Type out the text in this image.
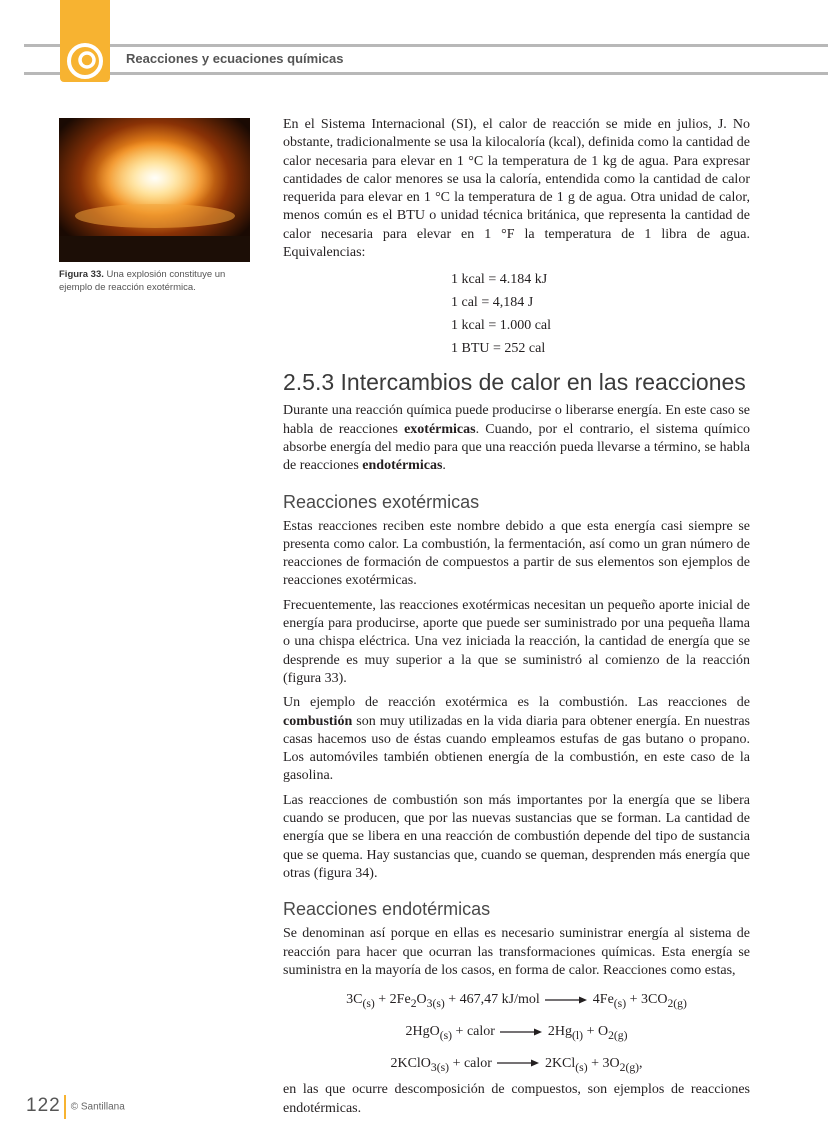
Reacciones y ecuaciones químicas
Figura 33. Una explosión constituye un ejemplo de reacción exotérmica.

En el Sistema Internacional (SI), el calor de reacción se mide en julios, J. No obstante, tradicionalmente se usa la kilocaloría (kcal), definida como la cantidad de calor necesaria para elevar en 1 °C la temperatura de 1 kg de agua. Para expresar cantidades de calor menores se usa la caloría, entendida como la cantidad de calor requerida para elevar en 1 °C la temperatura de 1 g de agua. Otra unidad de calor, menos común es el BTU o unidad técnica británica, que representa la cantidad de calor necesaria para elevar en 1 °F la temperatura de 1 libra de agua. Equivalencias:

1 kcal = 4.184 kJ
1 cal = 4,184 J
1 kcal = 1.000 cal
1 BTU = 252 cal
2.5.3 Intercambios de calor en las reacciones

Durante una reacción química puede producirse o liberarse energía. En este caso se habla de reacciones exotérmicas. Cuando, por el contrario, el sistema químico absorbe energía del medio para que una reacción pueda llevarse a término, se habla de reacciones endotérmicas.

Reacciones exotérmicas

Estas reacciones reciben este nombre debido a que esta energía casi siempre se presenta como calor. La combustión, la fermentación, así como un gran número de reacciones de formación de compuestos a partir de sus elementos son ejemplos de reacciones exotérmicas.

Frecuentemente, las reacciones exotérmicas necesitan un pequeño aporte inicial de energía para producirse, aporte que puede ser suministrado por una pequeña llama o una chispa eléctrica. Una vez iniciada la reacción, la cantidad de energía que se desprende es muy superior a la que se suministró al comienzo de la reacción (figura 33).

Un ejemplo de reacción exotérmica es la combustión. Las reacciones de combustión son muy utilizadas en la vida diaria para obtener energía. En nuestras casas hacemos uso de éstas cuando empleamos estufas de gas butano o propano. Los automóviles también obtienen energía de la combustión, en este caso de la gasolina.

Las reacciones de combustión son más importantes por la energía que se libera cuando se producen, que por las nuevas sustancias que se forman. La cantidad de energía que se libera en una reacción de combustión depende del tipo de sustancia que se quema. Hay sustancias que, cuando se queman, desprenden más energía que otras (figura 34).

Reacciones endotérmicas

Se denominan así porque en ellas es necesario suministrar energía al sistema de reacción para hacer que ocurran las transformaciones químicas. Esta energía se suministra en la mayoría de los casos, en forma de calor. Reacciones como estas,

$3C_{(s)} + 2Fe_2O_{3(s)} + 467,47$ $kJ/mol \to 4Fe_{(s)} + 3CO_{2(g)}$
2HgO$_{(s)}$ + calor → $2Hg_{(l)} + O_{2(g)}$
2KClO$_{3(s)}$ + calor → $2KCl_{(s)} + 3O_{2(g)}$,

en las que ocurre descomposición de compuestos, son ejemplos de reacciones endotérmicas.

122 © Santillana
